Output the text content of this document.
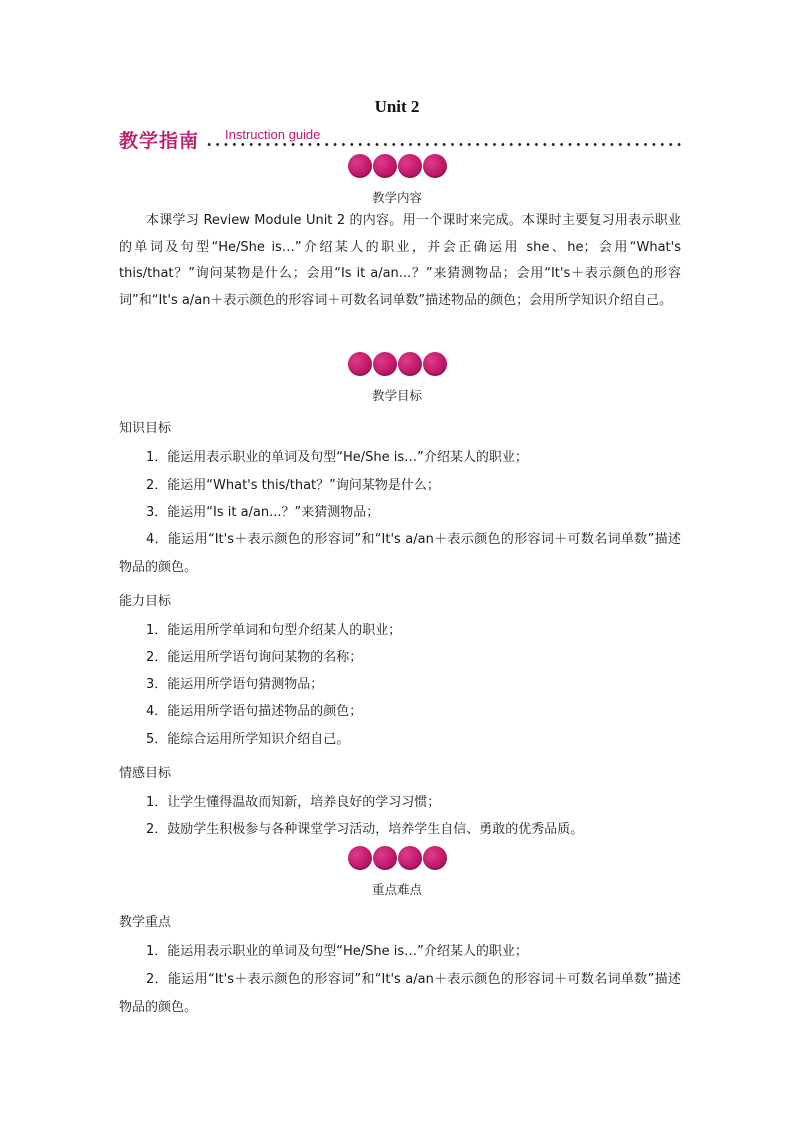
Unit 2
教学指南 Instruction guide
教学内容
本课学习 Review Module Unit 2 的内容。用一个课时来完成。本课时主要复习用表示职业的单词及句型“He/She is…”介绍某人的职业，并会正确运用 she、he；会用“What's this/that？”询问某物是什么；会用“Is it a/an...？”来猜测物品；会用“It's＋表示颜色的形容词”和“It's a/an＋表示颜色的形容词＋可数名词单数”描述物品的颜色；会用所学知识介绍自己。
教学目标
知识目标
1．能运用表示职业的单词及句型“He/She is…”介绍某人的职业；
2．能运用“What's this/that？”询问某物是什么；
3．能运用“Is it a/an...？”来猜测物品；
4．能运用“It's＋表示颜色的形容词”和“It's a/an＋表示颜色的形容词＋可数名词单数”描述物品的颜色。
能力目标
1．能运用所学单词和句型介绍某人的职业；
2．能运用所学语句询问某物的名称；
3．能运用所学语句猜测物品；
4．能运用所学语句描述物品的颜色；
5．能综合运用所学知识介绍自己。
情感目标
1．让学生懂得温故而知新，培养良好的学习习惯；
2．鼓励学生积极参与各种课堂学习活动，培养学生自信、勇敢的优秀品质。
重点难点
教学重点
1．能运用表示职业的单词及句型“He/She is…”介绍某人的职业；
2．能运用“It's＋表示颜色的形容词”和“It's a/an＋表示颜色的形容词＋可数名词单数”描述物品的颜色。
